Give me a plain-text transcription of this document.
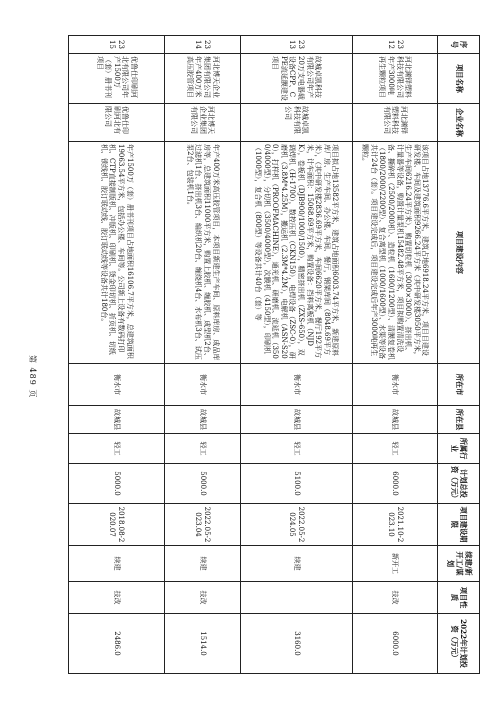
序号	项目名称	企业名称	项目建设内容	所在市	所在县	所属行业	计划总投资（万元）	项目建设期限	续建/新开工/谋划	项目性质	2022年计划投资（万元）
2312	河北渊铎塑料科技有限公司年产3000吨再生颗粒项目	河北渊铎塑料科技有限公司	该项目占地13776.6平方米，建筑占地6918.24平方米，项目目建设研发楼、车间及建筑面积9266.24平方米（其中研发楼3050平方米，生产车间6216.24平方米），购置切粒机（3000×3000）、挤出机、计量器等设备，购置计量泵机15482.48平方米，项目拟购置清洗设备、撕碎机（2500/2000机）、造粒机（1600/1200型）、清膜复卷机（1800/2000/2200型）、复合离型机（1000/1600型）、水渠等设备共计24台（套）。项目建设完成后，项目建设完成后年产3000吨再生颗粒。	衡水市	故城县	轻工	6000.0	2021.10-2023.10	新开工	技改	6000.0
2313	故城卓凯科技有限公司年产20万支电器载设备CPP、CPE流延膜建设项目	故城卓凯科技有限公司	项目拟占地13582平方米，建筑占地面积6003.74平方米，新建原料库厂房、生产车间、办公楼、车间、餐厅，钢架库间（8048.69平方米），（其中研发楼2836.69平方米，车间6620平方米，餐厅192平方米，计车面积：15068.69平方米，购置设备：挡料离板机（NJDK），卷板机（DJB900/1000/1500），精密挤出机（ZXS-650），双调焊机（H-1700），数控压机（CKN150），电焊设备（ZSC-0），研磨机（3.8M*4.25M），搬运机（2.3M*4.2M），电解机（ASN-S200），打样机（PROOFMACHINE），通光机、研磨机、流延机（3500/4000型），分切机（3500/4000型），次膜机（4150型），印刷机（1000型），复合机（800型）等设备共计40台（套）等	衡水市	故城县	轻工	5100.0	2022.05-2024.05	续建		3160.0
2314	河北博天企业集团有限公司年产400万米高压胶管项目	河北博天企业集团有限公司	年产400万米高压胶管项目，本项目新建生产车间、原料库房、成品库房等，总建筑面积11000平方米，购置上胶机、缠胶机、成型机2台、过滤机1台、挤出机3台、编织机20台、缠绕机4台、水布机3台、试压泵2台、包装机1台。	衡水市	故城县	轻工	5000.0	2022.05-2023.04	续建	技改	1514.0
2315	优鲁仕印刷河北有限公司年产1500万（套）册书刊项目	优鲁仕印刷河北有限公司	年产1500万（套）册书刊项目占地面积16106.7平方米，总建筑面积19063.54平方米，包括办公楼、车间等。公司新上设备有数码打印机、CTP直接制版机、冲版机、印刷机、烫金印切机、折页机、切纸机、锁线机、胶订联动线、胶订联动线等设备共计180台。	衡水市	故城县	轻工	5000.0	2018.08-2020.07	续建	技改	2486.0
第 489 页
